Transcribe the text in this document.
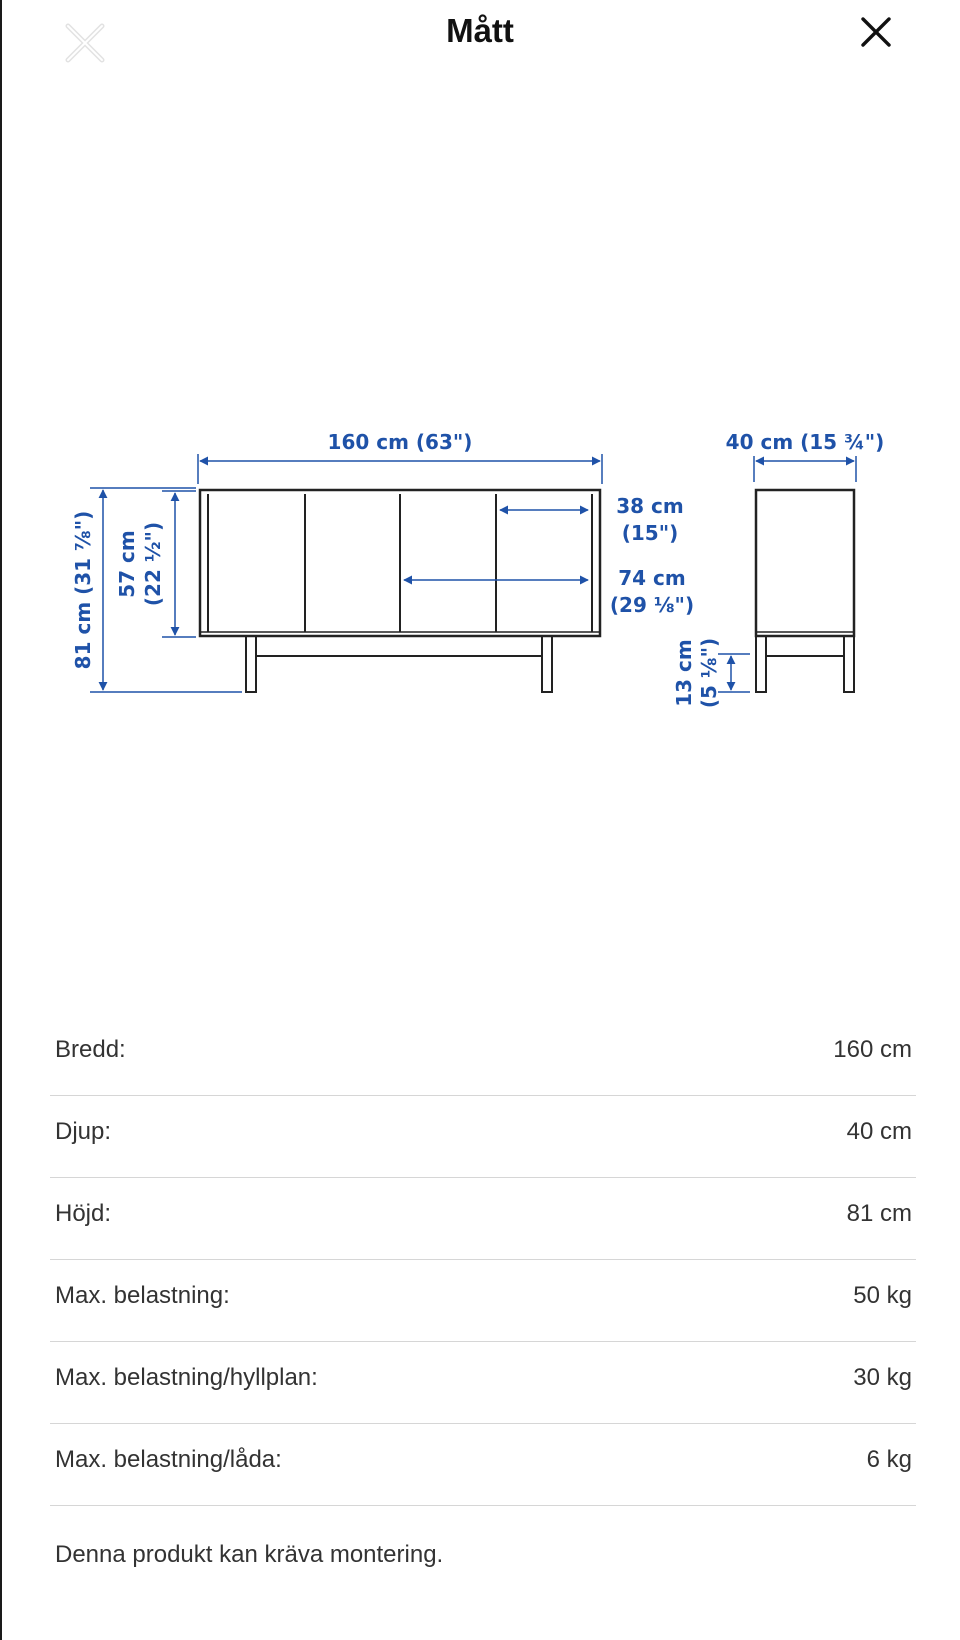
Mått
160 cm (63")	40 cm (15 ¾")
38 cm
(15")
74 cm
(29 ⅛")
81 cm (31 ⅞") 57 cm (22 ½")
13 cm (5 ⅛")
Bredd:	160 cm
Djup:	40 cm
Höjd:	81 cm
Max. belastning:	50 kg
Max. belastning/hyllplan:	30 kg
Max. belastning/låda:	6 kg
Denna produkt kan kräva montering.
